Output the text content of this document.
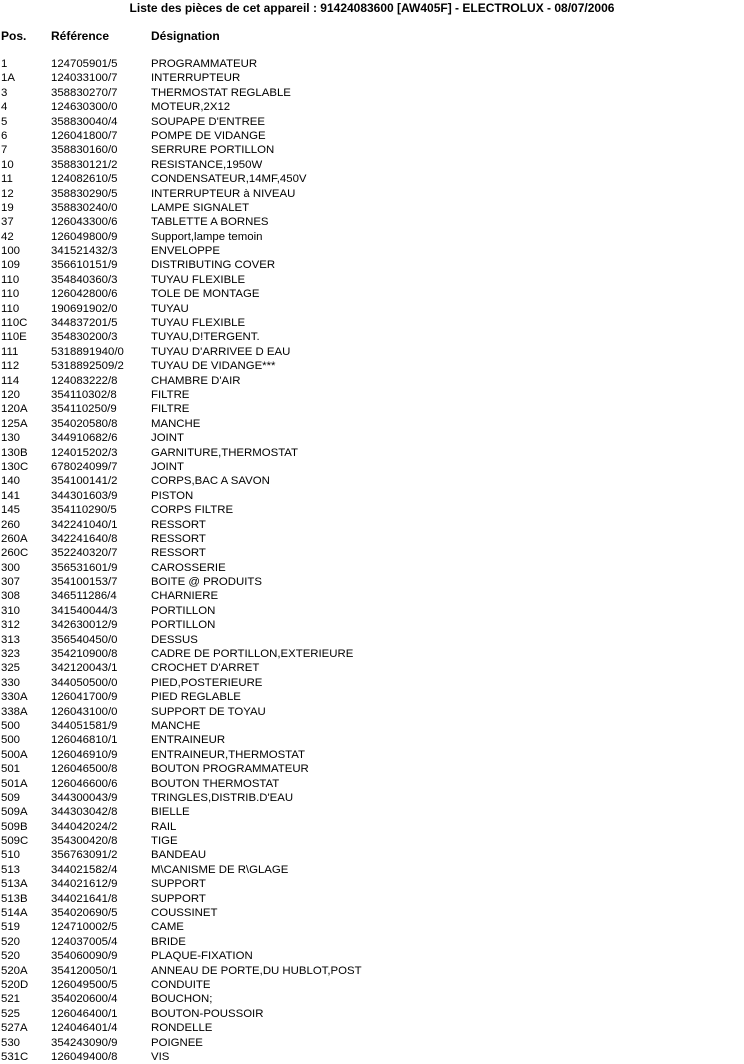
Liste des pièces de cet appareil : 91424083600 [AW405F] - ELECTROLUX - 08/07/2006
Pos. Référence	Désignation
1	124705901/5	PROGRAMMATEUR
1A	124033100/7	INTERRUPTEUR
3	358830270/7	THERMOSTAT REGLABLE
4	124630300/0	MOTEUR,2X12
5	358830040/4	SOUPAPE D'ENTREE
6	126041800/7	POMPE DE VIDANGE
7	358830160/0	SERRURE PORTILLON
10	358830121/2	RESISTANCE,1950W
11	124082610/5	CONDENSATEUR,14MF,450V
12	358830290/5	INTERRUPTEUR à NIVEAU
19	358830240/0	LAMPE SIGNALET
37	126043300/6	TABLETTE A BORNES
42	126049800/9	Support,lampe temoin
100	341521432/3	ENVELOPPE
109	356610151/9	DISTRIBUTING COVER
110	354840360/3	TUYAU FLEXIBLE
110	126042800/6	TOLE DE MONTAGE
110	190691902/0	TUYAU
110C 344837201/5	TUYAU FLEXIBLE
110E 354830200/3	TUYAU,D!TERGENT.
111	5318891940/0 TUYAU D'ARRIVEE D EAU
112	5318892509/2 TUYAU DE VIDANGE***
114	124083222/8	CHAMBRE D'AIR
120	354110302/8	FILTRE
120A 354110250/9	FILTRE
125A 354020580/8	MANCHE
130	344910682/6	JOINT
130B 124015202/3	GARNITURE,THERMOSTAT
130C 678024099/7	JOINT
140	354100141/2	CORPS,BAC A SAVON
141	344301603/9	PISTON
145	354110290/5	CORPS FILTRE
260	342241040/1	RESSORT
260A 342241640/8	RESSORT
260C 352240320/7	RESSORT
300	356531601/9	CAROSSERIE
307	354100153/7	BOITE @ PRODUITS
308	346511286/4	CHARNIERE
310	341540044/3	PORTILLON
312	342630012/9	PORTILLON
313	356540450/0	DESSUS
323	354210900/8	CADRE DE PORTILLON,EXTERIEURE
325	342120043/1	CROCHET D'ARRET
330	344050500/0	PIED,POSTERIEURE
330A 126041700/9	PIED REGLABLE
338A 126043100/0	SUPPORT DE TOYAU
500	344051581/9	MANCHE
500	126046810/1	ENTRAINEUR
500A 126046910/9	ENTRAINEUR,THERMOSTAT
501	126046500/8	BOUTON PROGRAMMATEUR
501A 126046600/6	BOUTON THERMOSTAT
509	344300043/9	TRINGLES,DISTRIB.D'EAU
509A 344303042/8	BIELLE
509B 344042024/2	RAIL
509C 354300420/8	TIGE
510	356763091/2	BANDEAU
513	344021582/4	M\CANISME DE R\GLAGE
513A 344021612/9	SUPPORT
513B 344021641/8	SUPPORT
514A 354020690/5	COUSSINET
519	124710002/5	CAME
520	124037005/4	BRIDE
520	354060090/9	PLAQUE-FIXATION
520A 354120050/1	ANNEAU DE PORTE,DU HUBLOT,POST
520D 126049500/5	CONDUITE
521	354020600/4	BOUCHON;
525	126046400/1	BOUTON-POUSSOIR
527A 124046401/4	RONDELLE
530	354243090/9	POIGNEE
531C 126049400/8	VIS
